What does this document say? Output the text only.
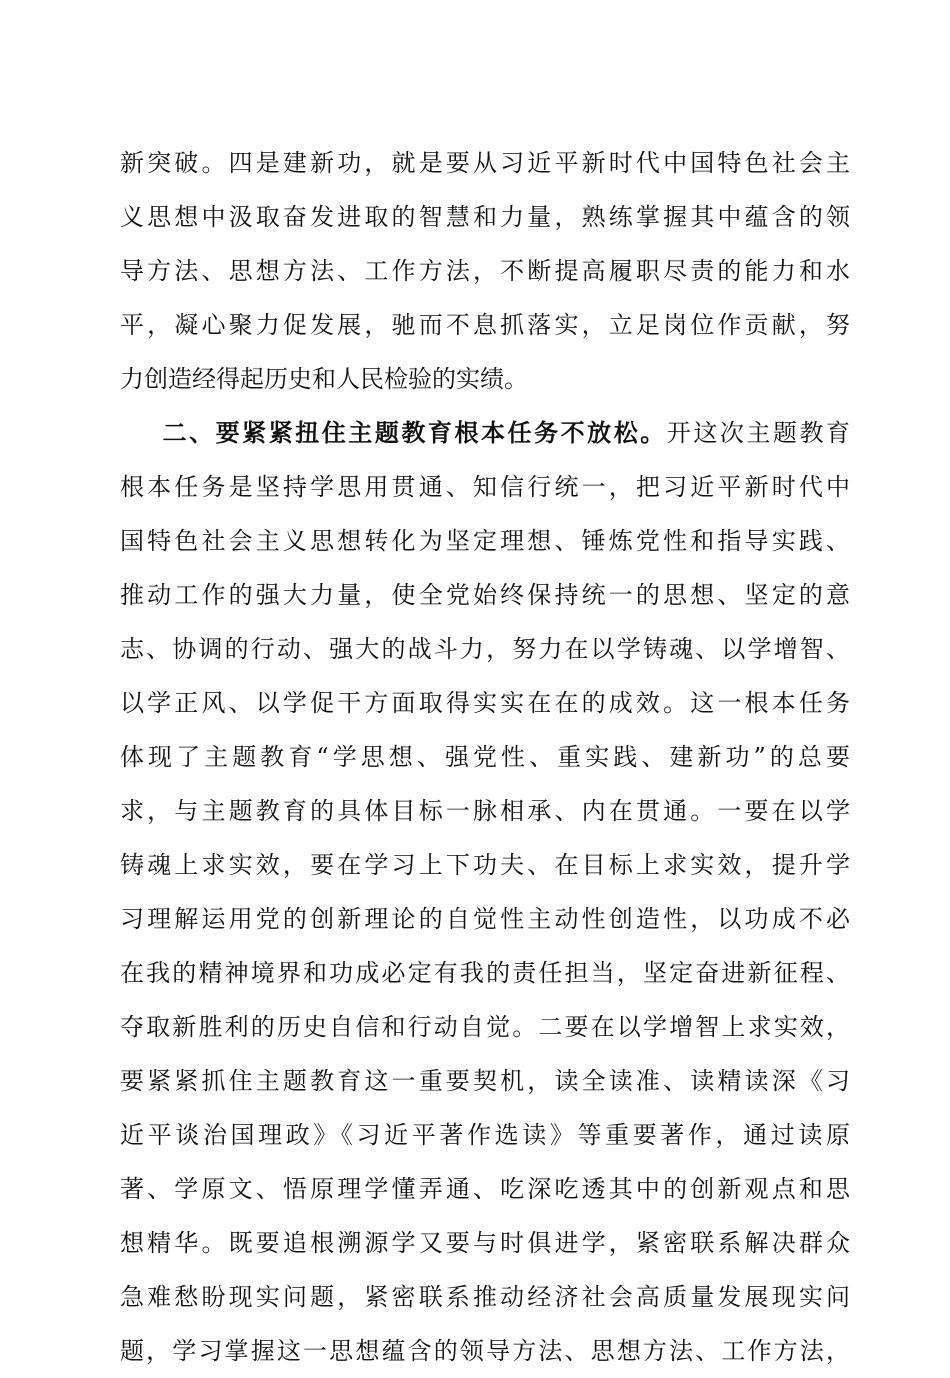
新突破。四是建新功，就是要从习近平新时代中国特色社会主
义思想中汲取奋发进取的智慧和力量，熟练掌握其中蕴含的领
导方法、思想方法、工作方法，不断提高履职尽责的能力和水
平，凝心聚力促发展，驰而不息抓落实，立足岗位作贡献，努
力创造经得起历史和人民检验的实绩。
二、要紧紧扭住主题教育根本任务不放松。开这次主题教育
根本任务是坚持学思用贯通、知信行统一，把习近平新时代中
国特色社会主义思想转化为坚定理想、锤炼党性和指导实践、
推动工作的强大力量，使全党始终保持统一的思想、坚定的意
志、协调的行动、强大的战斗力，努力在以学铸魂、以学增智、
以学正风、以学促干方面取得实实在在的成效。这一根本任务
体现了主题教育“学思想、强党性、重实践、建新功”的总要
求，与主题教育的具体目标一脉相承、内在贯通。一要在以学
铸魂上求实效，要在学习上下功夫、在目标上求实效，提升学
习理解运用党的创新理论的自觉性主动性创造性，以功成不必
在我的精神境界和功成必定有我的责任担当，坚定奋进新征程、
夺取新胜利的历史自信和行动自觉。二要在以学增智上求实效，
要紧紧抓住主题教育这一重要契机，读全读准、读精读深《习
近平谈治国理政》《习近平著作选读》等重要著作，通过读原
著、学原文、悟原理学懂弄通、吃深吃透其中的创新观点和思
想精华。既要追根溯源学又要与时俱进学，紧密联系解决群众
急难愁盼现实问题，紧密联系推动经济社会高质量发展现实问
题，学习掌握这一思想蕴含的领导方法、思想方法、工作方法，
